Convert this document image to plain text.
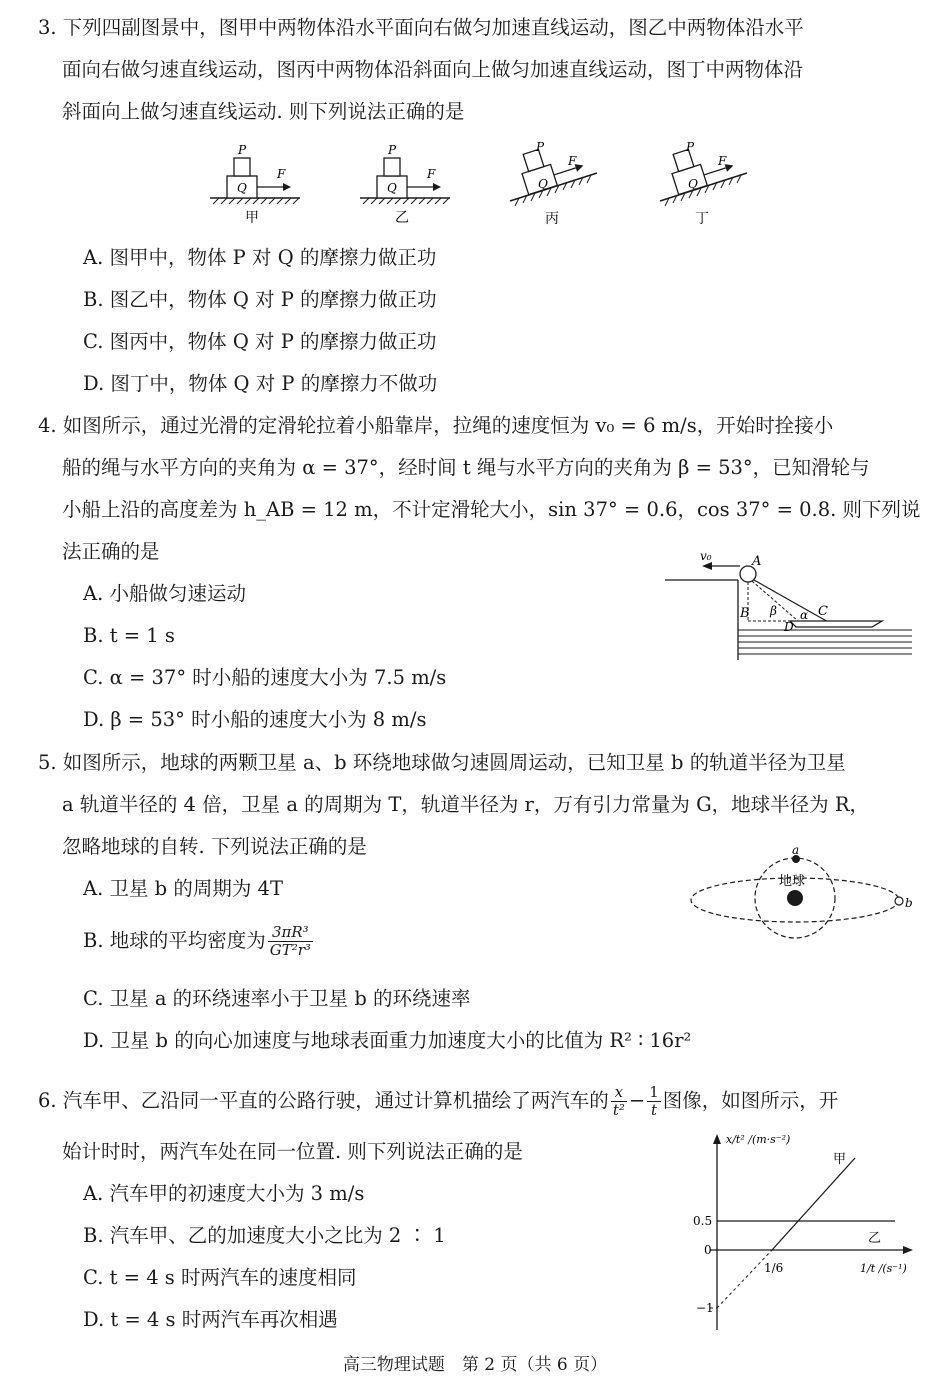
3. 下列四副图景中，图甲中两物体沿水平面向右做匀加速直线运动，图乙中两物体沿水平
面向右做匀速直线运动，图丙中两物体沿斜面向上做匀加速直线运动，图丁中两物体沿
斜面向上做匀速直线运动. 则下列说法正确的是
P
Q
F
甲
P
Q
F
乙
P
Q
F
丙
P
Q
F
丁
A. 图甲中，物体 P 对 Q 的摩擦力做正功
B. 图乙中，物体 Q 对 P 的摩擦力做正功
C. 图丙中，物体 Q 对 P 的摩擦力做正功
D. 图丁中，物体 Q 对 P 的摩擦力不做功
4. 如图所示，通过光滑的定滑轮拉着小船靠岸，拉绳的速度恒为 v₀ = 6 m/s，开始时拴接小
船的绳与水平方向的夹角为 α = 37°，经时间 t 绳与水平方向的夹角为 β = 53°，已知滑轮与
小船上沿的高度差为 h_AB = 12 m，不计定滑轮大小，sin 37° = 0.6，cos 37° = 0.8. 则下列说
法正确的是	v₀	A
B β α C
D
A. 小船做匀速运动
B. t = 1 s
C. α = 37° 时小船的速度大小为 7.5 m/s
D. β = 53° 时小船的速度大小为 8 m/s
5. 如图所示，地球的两颗卫星 a、b 环绕地球做匀速圆周运动，已知卫星 b 的轨道半径为卫星
a 轨道半径的 4 倍，卫星 a 的周期为 T，轨道半径为 r，万有引力常量为 G，地球半径为 R，
忽略地球的自转. 下列说法正确的是
地球
a
b
A. 卫星 b 的周期为 4T
B. 地球的平均密度为 $\frac{\text{3πR³}}{\text{GT²r³}}$
C. 卫星 a 的环绕速率小于卫星 b 的环绕速率
D. 卫星 b 的向心加速度与地球表面重力加速度大小的比值为 R² ∶ 16r²
6. 汽车甲、乙沿同一平直的公路行驶，通过计算机描绘了两汽车的 $\frac{x}{\text{t²}} - \frac{1}{t}$ 图像，如图所示，开
始计时时，两汽车处在同一位置. 则下列说法正确的是
x/t² /(m·s⁻²)
1/t /(s⁻¹)
甲
乙
0.5
0
−1
1/6
A. 汽车甲的初速度大小为 3 m/s
B. 汽车甲、乙的加速度大小之比为 2 ∶ 1
C. t = 4 s 时两汽车的速度相同
D. t = 4 s 时两汽车再次相遇
高三物理试题　第 2 页（共 6 页）
